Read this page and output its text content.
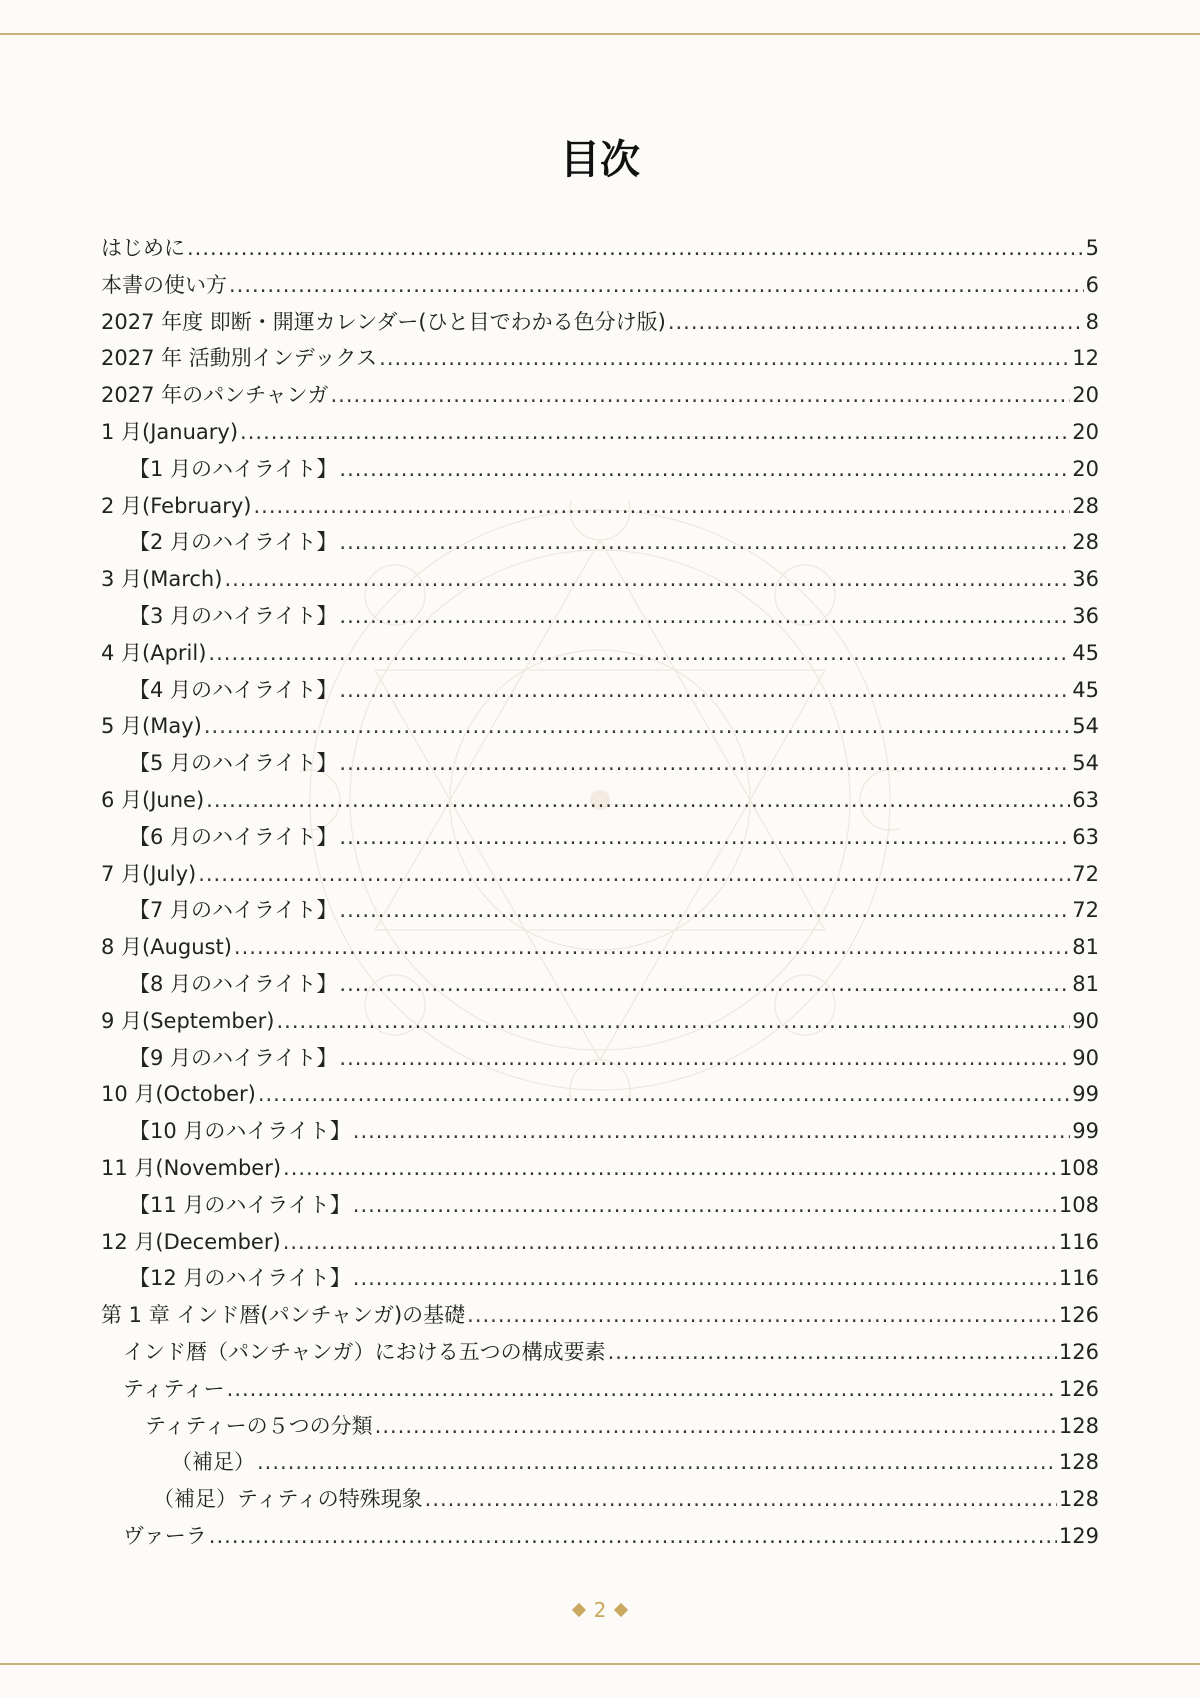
目次
はじめに .....	5
本書の使い方 .....	6
2027 年度 即断・開運カレンダー(ひと目でわかる色分け版) .....	8
2027 年 活動別インデックス .....	12
2027 年のパンチャンガ .....	20
1 月(January) .....	20
【1 月のハイライト】 .....	20
2 月(February) .....	28
【2 月のハイライト】 .....	28
3 月(March) .....	36
【3 月のハイライト】 .....	36
4 月(April) .....	45
【4 月のハイライト】 .....	45
5 月(May) .....	54
【5 月のハイライト】 .....	54
6 月(June) .....	63
【6 月のハイライト】 .....	63
7 月(July) .....	72
【7 月のハイライト】 .....	72
8 月(August) .....	81
【8 月のハイライト】 .....	81
9 月(September) .....	90
【9 月のハイライト】 .....	90
10 月(October) .....	99
【10 月のハイライト】 .....	99
11 月(November) .....	108
【11 月のハイライト】 .....	108
12 月(December) .....	116
【12 月のハイライト】 .....	116
第 1 章 インド暦(パンチャンガ)の基礎 .....	126
インド暦（パンチャンガ）における五つの構成要素 .....	126
ティティー .....	126
ティティーの５つの分類 .....	128
（補足） .....	128
（補足）ティティの特殊現象 .....	128
ヴァーラ .....	129
2
